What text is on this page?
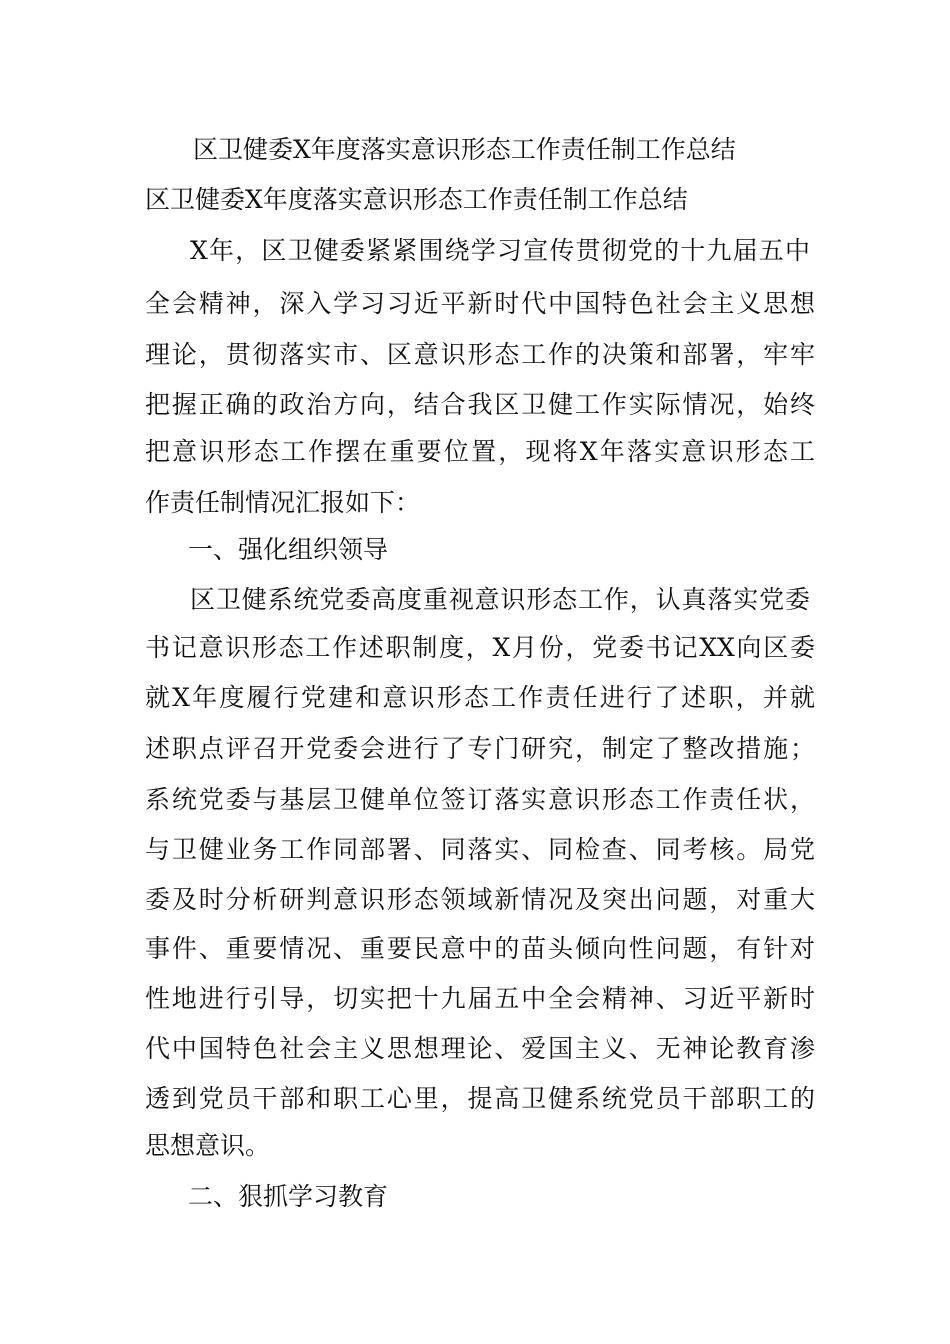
区卫健委X年度落实意识形态工作责任制工作总结
区卫健委X年度落实意识形态工作责任制工作总结
X年，区卫健委紧紧围绕学习宣传贯彻党的十九届五中
全会精神，深入学习习近平新时代中国特色社会主义思想
理论，贯彻落实市、区意识形态工作的决策和部署，牢牢
把握正确的政治方向，结合我区卫健工作实际情况，始终
把意识形态工作摆在重要位置，现将X年落实意识形态工
作责任制情况汇报如下：
一、强化组织领导
区卫健系统党委高度重视意识形态工作，认真落实党委
书记意识形态工作述职制度，X月份，党委书记XX向区委
就X年度履行党建和意识形态工作责任进行了述职，并就
述职点评召开党委会进行了专门研究，制定了整改措施；
系统党委与基层卫健单位签订落实意识形态工作责任状，
与卫健业务工作同部署、同落实、同检查、同考核。局党
委及时分析研判意识形态领域新情况及突出问题，对重大
事件、重要情况、重要民意中的苗头倾向性问题，有针对
性地进行引导，切实把十九届五中全会精神、习近平新时
代中国特色社会主义思想理论、爱国主义、无神论教育渗
透到党员干部和职工心里，提高卫健系统党员干部职工的
思想意识。
二、狠抓学习教育
